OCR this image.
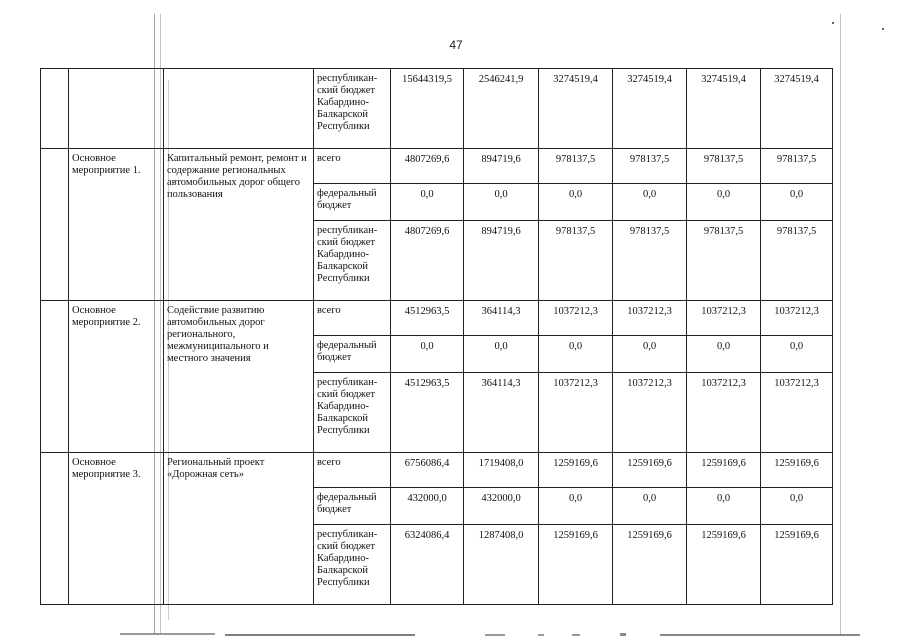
47
			республикан-ский бюджет Кабардино-Балкарской Республики	15644319,5	2546241,9	3274519,4	3274519,4	3274519,4	3274519,4
	Основное мероприятие 1.	Капитальный ремонт, ремонт и содержание региональных автомобильных дорог общего пользования	всего	4807269,6	894719,6	978137,5	978137,5	978137,5	978137,5
			федеральный бюджет	0,0	0,0	0,0	0,0	0,0	0,0
			республикан-ский бюджет Кабардино-Балкарской Республики	4807269,6	894719,6	978137,5	978137,5	978137,5	978137,5
	Основное мероприятие 2.	Содействие развитию автомобильных дорог регионального, межмуниципального и местного значения	всего	4512963,5	364114,3	1037212,3	1037212,3	1037212,3	1037212,3
			федеральный бюджет	0,0	0,0	0,0	0,0	0,0	0,0
			республикан-ский бюджет Кабардино-Балкарской Республики	4512963,5	364114,3	1037212,3	1037212,3	1037212,3	1037212,3
	Основное мероприятие 3.	Региональный проект «Дорожная сеть»	всего	6756086,4	1719408,0	1259169,6	1259169,6	1259169,6	1259169,6
			федеральный бюджет	432000,0	432000,0	0,0	0,0	0,0	0,0
			республикан-ский бюджет Кабардино-Балкарской Республики	6324086,4	1287408,0	1259169,6	1259169,6	1259169,6	1259169,6
